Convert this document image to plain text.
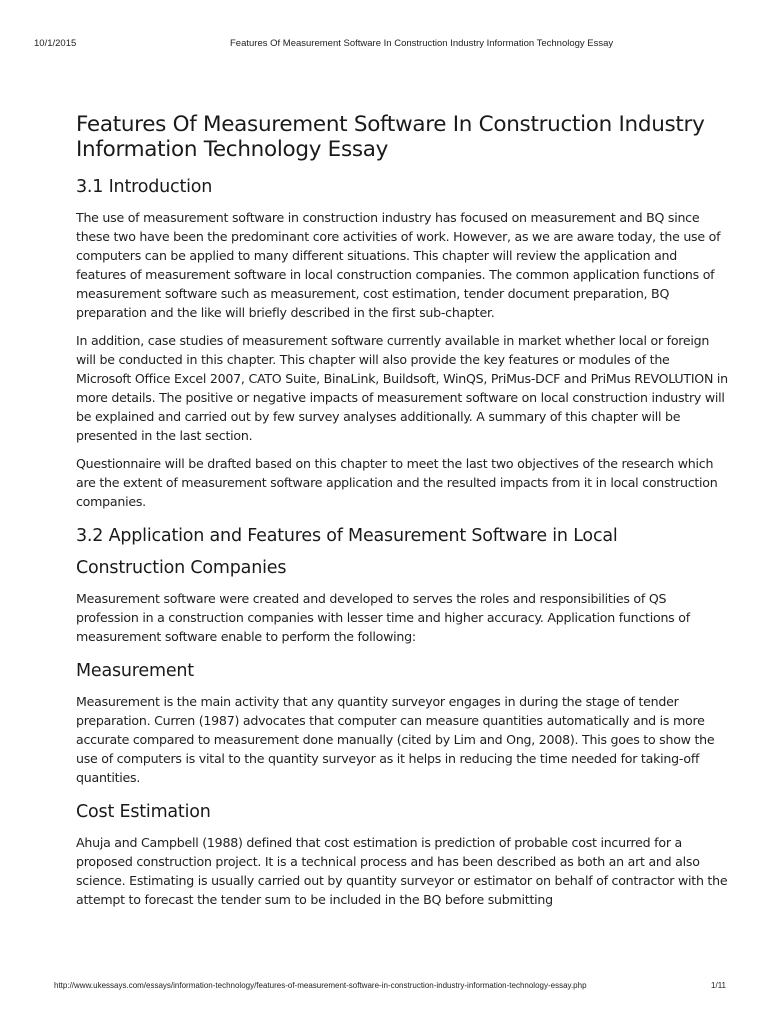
10/1/2015	Features Of Measurement Software In Construction Industry Information Technology Essay
Features Of Measurement Software In Construction Industry Information Technology Essay
3.1 Introduction

The use of measurement software in construction industry has focused on measurement and BQ since these two have been the predominant core activities of work. However, as we are aware today, the use of computers can be applied to many different situations. This chapter will review the application and features of measurement software in local construction companies. The common application functions of measurement software such as measurement, cost estimation, tender document preparation, BQ preparation and the like will briefly described in the first sub-chapter.

In addition, case studies of measurement software currently available in market whether local or foreign will be conducted in this chapter. This chapter will also provide the key features or modules of the Microsoft Office Excel 2007, CATO Suite, BinaLink, Buildsoft, WinQS, PriMus-DCF and PriMus REVOLUTION in more details. The positive or negative impacts of measurement software on local construction industry will be explained and carried out by few survey analyses additionally. A summary of this chapter will be presented in the last section.

Questionnaire will be drafted based on this chapter to meet the last two objectives of the research which are the extent of measurement software application and the resulted impacts from it in local construction companies.

3.2 Application and Features of Measurement Software in Local
Construction Companies

Measurement software were created and developed to serves the roles and responsibilities of QS profession in a construction companies with lesser time and higher accuracy. Application functions of measurement software enable to perform the following:

Measurement

Measurement is the main activity that any quantity surveyor engages in during the stage of tender preparation. Curren (1987) advocates that computer can measure quantities automatically and is more accurate compared to measurement done manually (cited by Lim and Ong, 2008). This goes to show the use of computers is vital to the quantity surveyor as it helps in reducing the time needed for taking-off quantities.

Cost Estimation

Ahuja and Campbell (1988) defined that cost estimation is prediction of probable cost incurred for a proposed construction project. It is a technical process and has been described as both an art and also science. Estimating is usually carried out by quantity surveyor or estimator on behalf of contractor with the attempt to forecast the tender sum to be included in the BQ before submitting

http://www.ukessays.com/essays/information-technology/features-of-measurement-software-in-construction-industry-information-technology-essay.php	1/11
